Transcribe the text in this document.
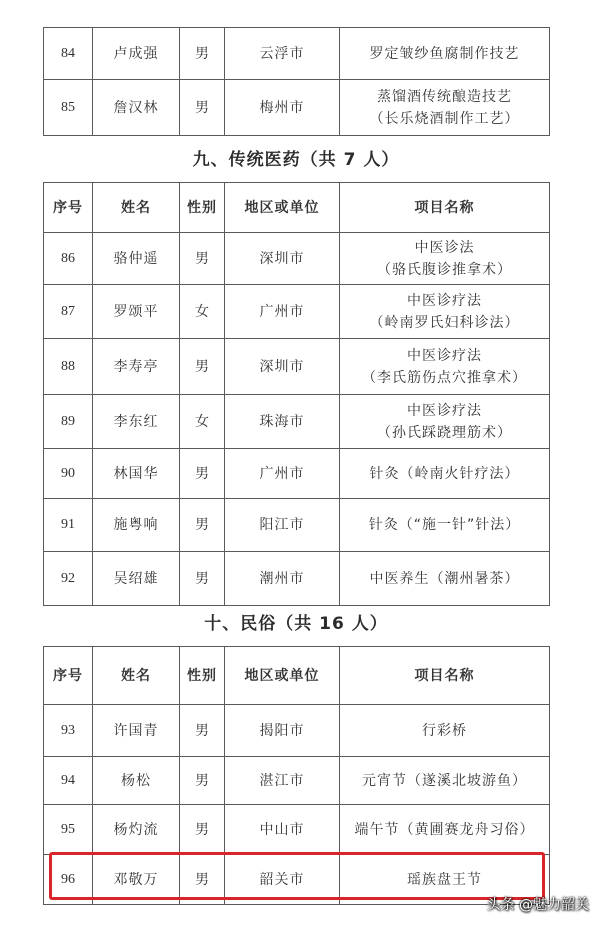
84	卢成强	男	云浮市	罗定皱纱鱼腐制作技艺

85	詹汉林	男	梅州市	蒸馏酒传统酿造技艺
（长乐烧酒制作工艺）
九、传统医药（共 7 人）
序号	姓名	性别	地区或单位	项目名称
86	骆仲遥	男	深圳市	中医诊法
（骆氏腹诊推拿术）

87	罗颂平	女	广州市	中医诊疗法
（岭南罗氏妇科诊法）

88	李寿亭	男	深圳市	中医诊疗法
（李氏筋伤点穴推拿术）

89	李东红	女	珠海市	中医诊疗法
（孙氏踩跷理筋术）

90	林国华	男	广州市	针灸（岭南火针疗法）

91	施粤响	男	阳江市	针灸（“施一针”针法）

92	吴绍雄	男	潮州市	中医养生（潮州暑茶）
十、民俗（共 16 人）
序号	姓名	性别	地区或单位	项目名称
93	许国青	男	揭阳市	行彩桥

94	杨松	男	湛江市	元宵节（遂溪北坡游鱼）

95	杨灼流	男	中山市	端午节（黄圃赛龙舟习俗）

96	邓敬万	男	韶关市	瑶族盘王节
头条 @魅力韶关
